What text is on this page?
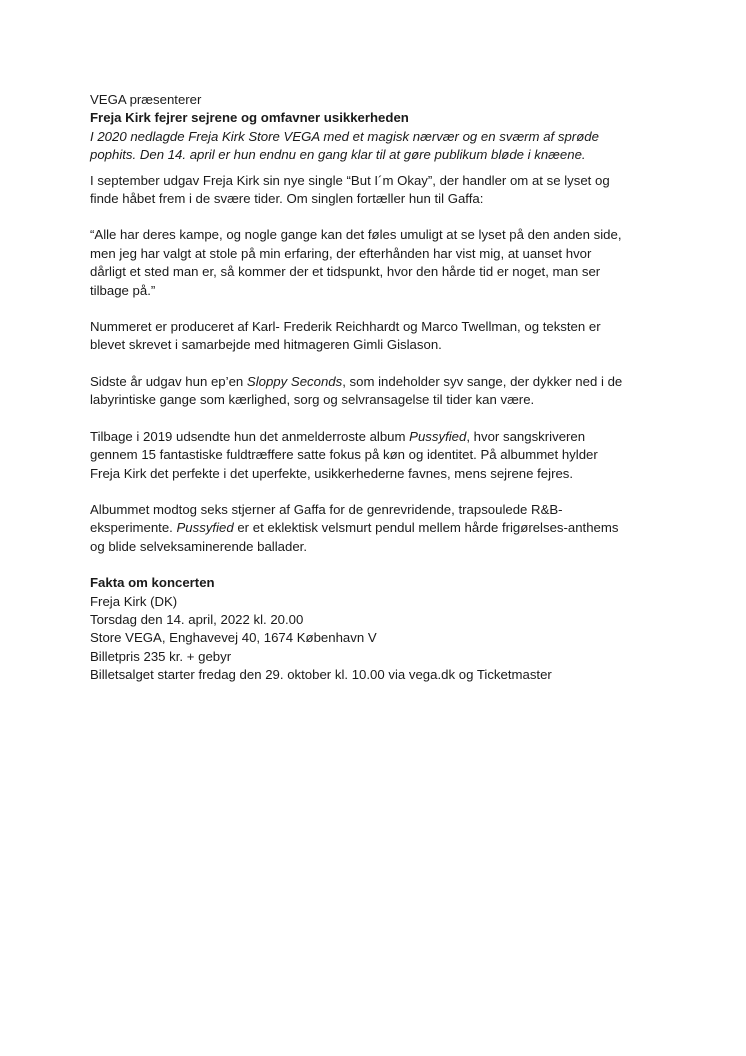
VEGA præsenterer
Freja Kirk fejrer sejrene og omfavner usikkerheden
I 2020 nedlagde Freja Kirk Store VEGA med et magisk nærvær og en sværm af sprøde
pophits. Den 14. april er hun endnu en gang klar til at gøre publikum bløde i knæene.
I september udgav Freja Kirk sin nye single “But I´m Okay”, der handler om at se lyset og
finde håbet frem i de svære tider. Om singlen fortæller hun til Gaffa:
“Alle har deres kampe, og nogle gange kan det føles umuligt at se lyset på den anden side,
men jeg har valgt at stole på min erfaring, der efterhånden har vist mig, at uanset hvor
dårligt et sted man er, så kommer der et tidspunkt, hvor den hårde tid er noget, man ser
tilbage på.”
Nummeret er produceret af Karl- Frederik Reichhardt og Marco Twellman, og teksten er
blevet skrevet i samarbejde med hitmageren Gimli Gislason.
Sidste år udgav hun ep’en Sloppy Seconds, som indeholder syv sange, der dykker ned i de
labyrintiske gange som kærlighed, sorg og selvransagelse til tider kan være.
Tilbage i 2019 udsendte hun det anmelderroste album Pussyfied, hvor sangskriveren
gennem 15 fantastiske fuldtræffere satte fokus på køn og identitet. På albummet hylder
Freja Kirk det perfekte i det uperfekte, usikkerhederne favnes, mens sejrene fejres.
Albummet modtog seks stjerner af Gaffa for de genrevridende, trapsoulede R&B-
eksperimente. Pussyfied er et eklektisk velsmurt pendul mellem hårde frigørelses-anthems
og blide selveksaminerende ballader.
Fakta om koncerten
Freja Kirk (DK)
Torsdag den 14. april, 2022 kl. 20.00
Store VEGA, Enghavevej 40, 1674 København V
Billetpris 235 kr. + gebyr
Billetsalget starter fredag den 29. oktober kl. 10.00 via vega.dk og Ticketmaster
